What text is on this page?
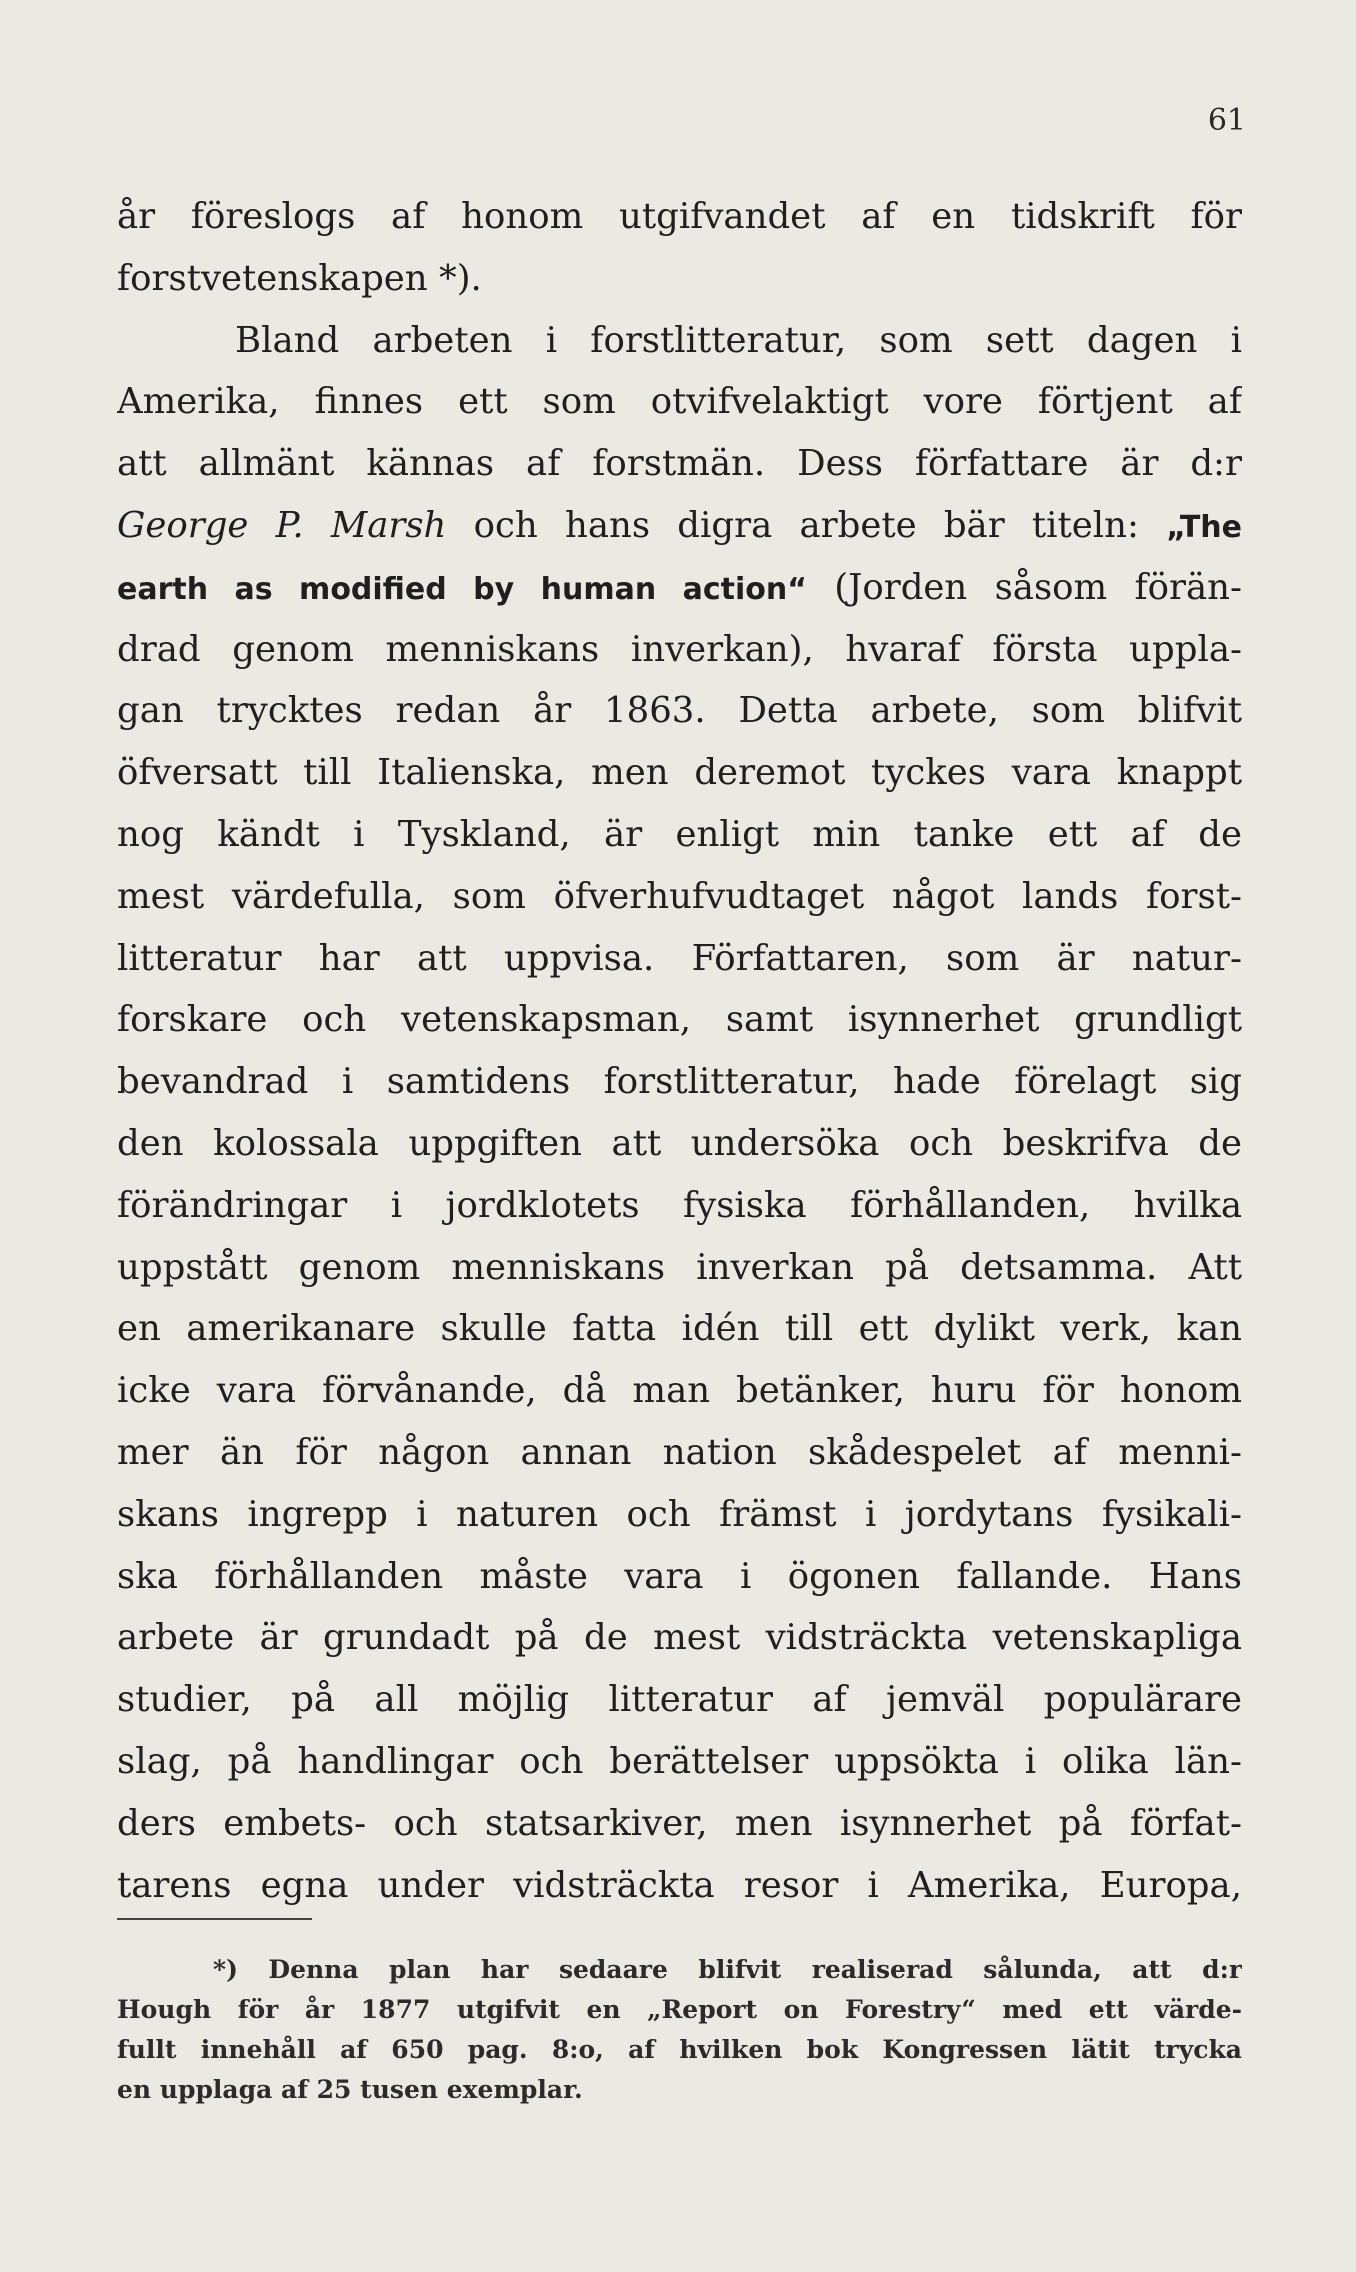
61
år föreslogs af honom utgifvandet af en tidskrift för
forstvetenskapen *).
Bland arbeten i forstlitteratur, som sett dagen i
Amerika, finnes ett som otvifvelaktigt vore förtjent af
att allmänt kännas af forstmän. Dess författare är d:r
George P. Marsh och hans digra arbete bär titeln: „The
earth as modified by human action“ (Jorden såsom förän-
drad genom menniskans inverkan), hvaraf första uppla-
gan trycktes redan år 1863. Detta arbete, som blifvit
öfversatt till Italienska, men deremot tyckes vara knappt
nog kändt i Tyskland, är enligt min tanke ett af de
mest värdefulla, som öfverhufvudtaget något lands forst-
litteratur har att uppvisa. Författaren, som är natur-
forskare och vetenskapsman, samt isynnerhet grundligt
bevandrad i samtidens forstlitteratur, hade förelagt sig
den kolossala uppgiften att undersöka och beskrifva de
förändringar i jordklotets fysiska förhållanden, hvilka
uppstått genom menniskans inverkan på detsamma. Att
en amerikanare skulle fatta idén till ett dylikt verk, kan
icke vara förvånande, då man betänker, huru för honom
mer än för någon annan nation skådespelet af menni-
skans ingrepp i naturen och främst i jordytans fysikali-
ska förhållanden måste vara i ögonen fallande. Hans
arbete är grundadt på de mest vidsträckta vetenskapliga
studier, på all möjlig litteratur af jemväl populärare
slag, på handlingar och berättelser uppsökta i olika län-
ders embets- och statsarkiver, men isynnerhet på förfat-
tarens egna under vidsträckta resor i Amerika, Europa,
*) Denna plan har sedaare blifvit realiserad sålunda, att d:r
Hough för år 1877 utgifvit en „Report on Forestry“ med ett värde-
fullt innehåll af 650 pag. 8:o, af hvilken bok Kongressen lätit trycka
en upplaga af 25 tusen exemplar.
